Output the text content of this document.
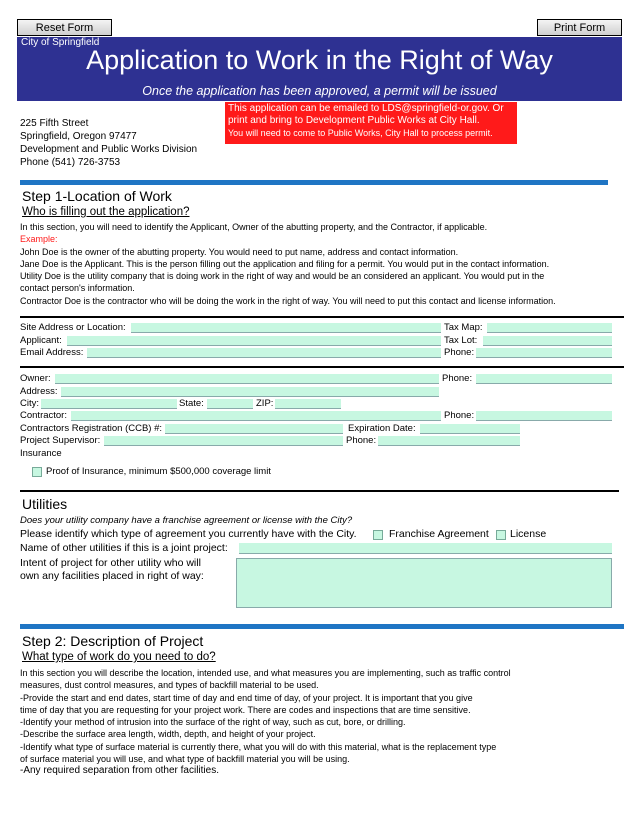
Reset Form	Print Form
City of Springfield
Application to Work in the Right of Way
Once the application has been approved, a permit will be issued
225 Fifth Street
Springfield, Oregon 97477
Development and Public Works Division
Phone (541) 726-3753
This application can be emailed to LDS@springfield-or.gov. Or
print and bring to Development Public Works at City Hall.
You will need to come to Public Works, City Hall to process permit.
Step 1-Location of Work
Who is filling out the application?
In this section, you will need to identify the Applicant, Owner of the abutting property, and the Contractor, if applicable.
Example:
John Doe is the owner of the abutting property. You would need to put name, address and contact information.
Jane Doe is the Applicant. This is the person filling out the application and filing for a permit. You would put in the contact information.
Utility Doe is the utility company that is doing work in the right of way and would be an considered an applicant. You would put in the
contact person's information.
Contractor Doe is the contractor who will be doing the work in the right of way. You will need to put this contact and license information.
Site Address or Location:	Tax Map:
Applicant:	Tax Lot:
Email Address:	Phone:
Owner:	Phone:
Address:
City:	State:	ZIP:
Contractor:	Phone:
Contractors Registration (CCB) #:	Expiration Date:
Project Supervisor:	Phone:
Insurance
Proof of Insurance, minimum $500,000 coverage limit
Utilities
Does your utility company have a franchise agreement or license with the City?
Please identify which type of agreement you currently have with the City.	Franchise Agreement License
Name of other utilities if this is a joint project:
Intent of project for other utility who will
own any facilities placed in right of way:
Step 2: Description of Project
What type of work do you need to do?
In this section you will describe the location, intended use, and what measures you are implementing, such as traffic control
measures, dust control measures, and types of backfill material to be used.
-Provide the start and end dates, start time of day and end time of day, of your project. It is important that you give
time of day that you are requesting for your project work. There are codes and inspections that are time sensitive.
-Identify your method of intrusion into the surface of the right of way, such as cut, bore, or drilling.
-Describe the surface area length, width, depth, and height of your project.
-Identify what type of surface material is currently there, what you will do with this material, what is the replacement type
of surface material you will use, and what type of backfill material you will be using.
-Any required separation from other facilities.
